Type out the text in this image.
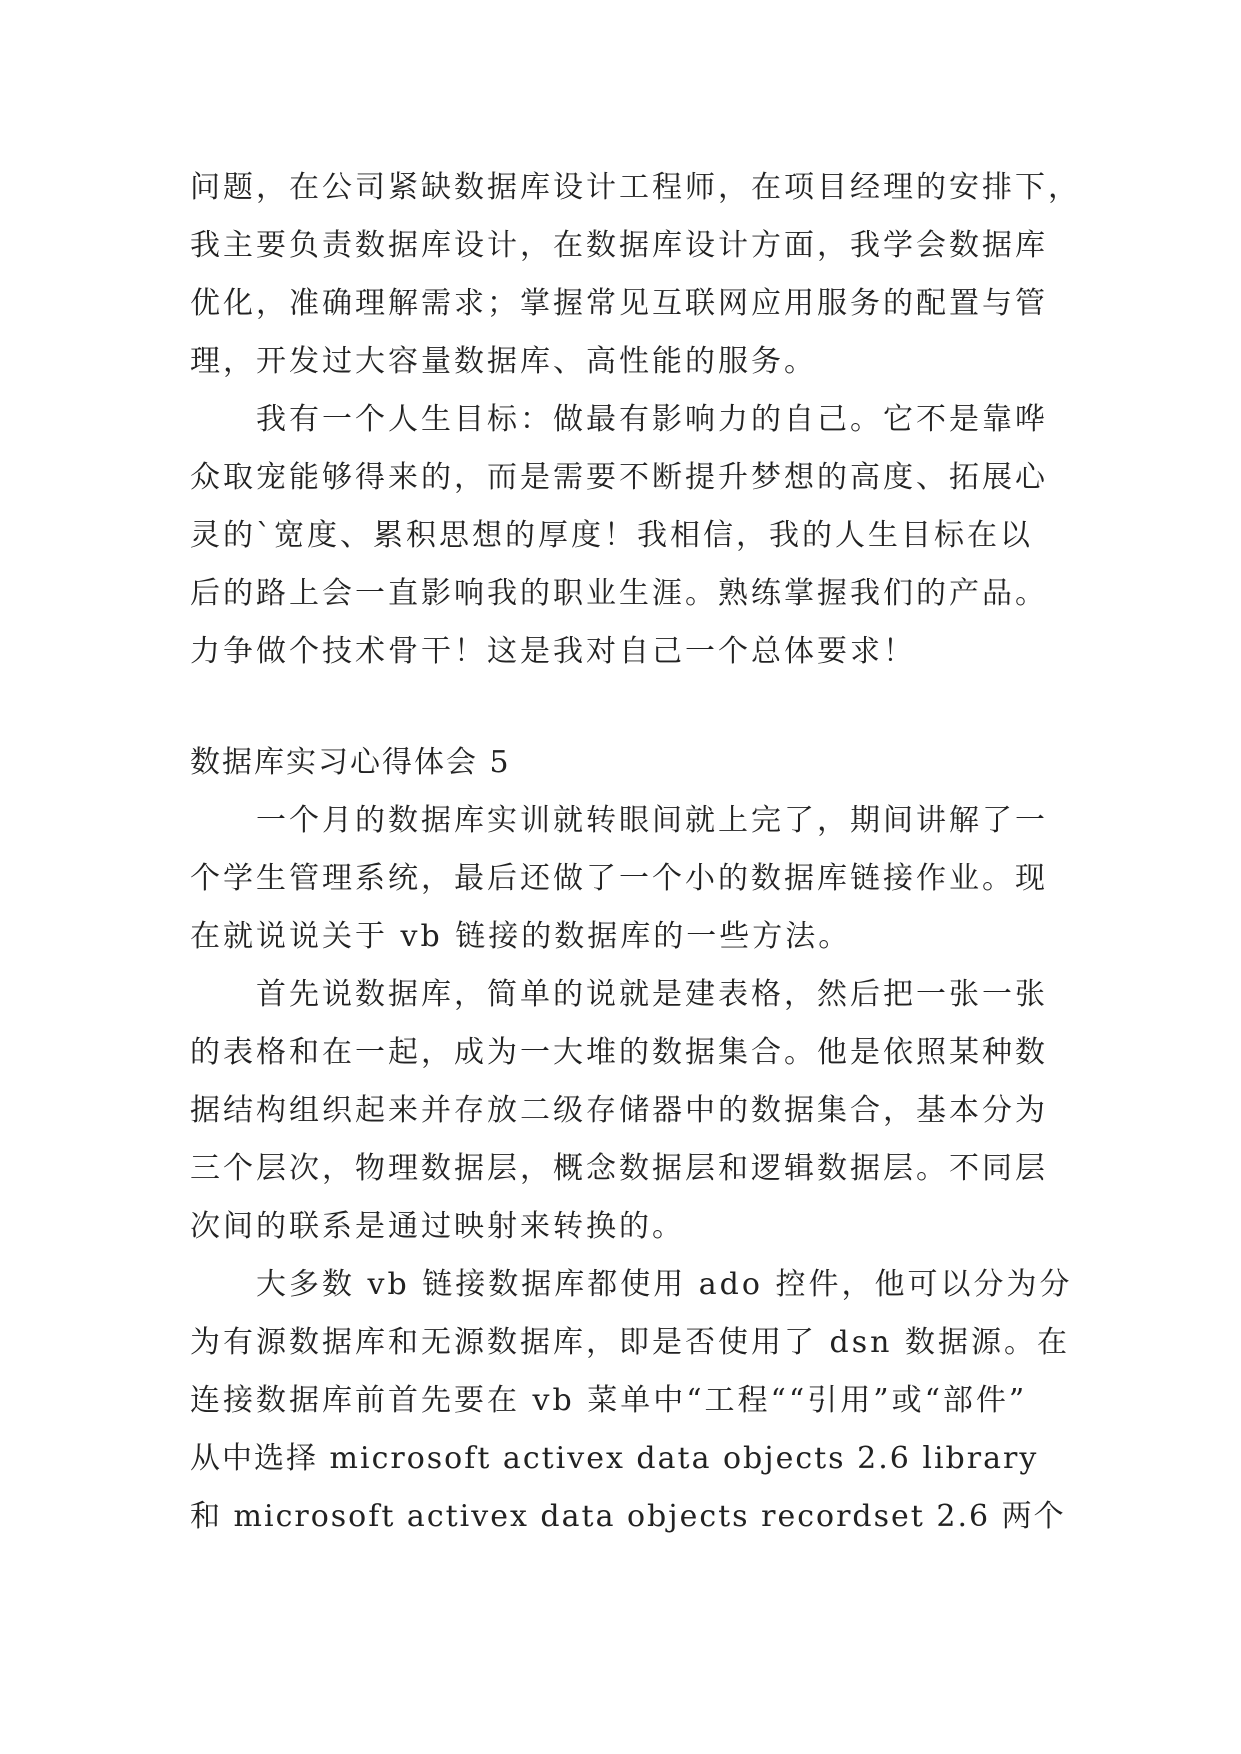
问题，在公司紧缺数据库设计工程师，在项目经理的安排下，
我主要负责数据库设计，在数据库设计方面，我学会数据库
优化，准确理解需求；掌握常见互联网应用服务的配置与管
理，开发过大容量数据库、高性能的服务。
我有一个人生目标：做最有影响力的自己。它不是靠哗
众取宠能够得来的，而是需要不断提升梦想的高度、拓展心
灵的`宽度、累积思想的厚度！我相信，我的人生目标在以
后的路上会一直影响我的职业生涯。熟练掌握我们的产品。
力争做个技术骨干！这是我对自己一个总体要求！
数据库实习心得体会 5
一个月的数据库实训就转眼间就上完了，期间讲解了一
个学生管理系统，最后还做了一个小的数据库链接作业。现
在就说说关于 vb 链接的数据库的一些方法。
首先说数据库，简单的说就是建表格，然后把一张一张
的表格和在一起，成为一大堆的数据集合。他是依照某种数
据结构组织起来并存放二级存储器中的数据集合，基本分为
三个层次，物理数据层，概念数据层和逻辑数据层。不同层
次间的联系是通过映射来转换的。
大多数 vb 链接数据库都使用 ado 控件，他可以分为分
为有源数据库和无源数据库，即是否使用了 dsn 数据源。在
连接数据库前首先要在 vb 菜单中“工程““引用”或“部件”
从中选择 microsoft activex data objects 2.6 library
和 microsoft activex data objects recordset 2.6 两个
